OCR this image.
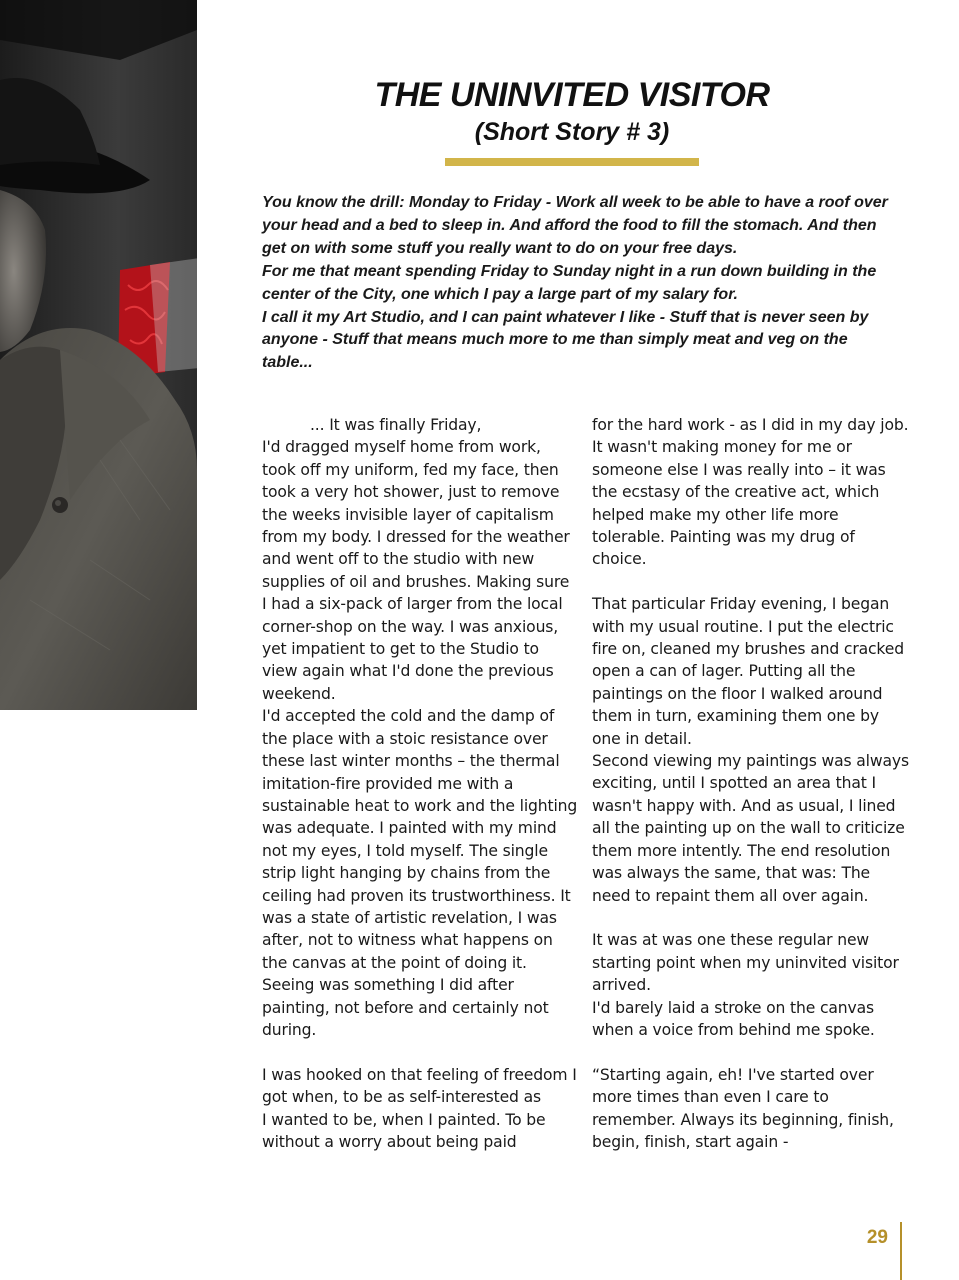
THE UNINVITED VISITOR
(Short Story # 3)

You know the drill: Monday to Friday - Work all week to be able to have a roof over your head and a bed to sleep in. And afford the food to fill the stomach. And then get on with some stuff you really want to do on your free days.

For me that meant spending Friday to Sunday night in a run down building in the center of the City, one which I pay a large part of my salary for.

I call it my Art Studio, and I can paint whatever I like - Stuff that is never seen by anyone - Stuff that means much more to me than simply meat and veg on the table...

... It was finally Friday,

I'd dragged myself home from work, took off my uniform, fed my face, then took a very hot shower, just to remove the weeks invisible layer of capitalism from my body. I dressed for the weather and went off to the studio with new supplies of oil and brushes. Making sure I had a six-pack of larger from the local corner-shop on the way. I was anxious, yet impatient to get to the Studio to view again what I'd done the previous weekend.

I'd accepted the cold and the damp of the place with a stoic resistance over these last winter months – the thermal imitation-fire provided me with a sustainable heat to work and the lighting was adequate. I painted with my mind not my eyes, I told myself. The single strip light hanging by chains from the ceiling had proven its trustworthiness. It was a state of artistic revelation, I was after, not to witness what happens on the canvas at the point of doing it. Seeing was something I did after painting, not before and certainly not during.

I was hooked on that feeling of freedom I got when, to be as self-interested as

I wanted to be, when I painted. To be without a worry about being paid

for the hard work - as I did in my day job. It wasn't making money for me or someone else I was really into – it was the ecstasy of the creative act, which helped make my other life more tolerable. Painting was my drug of choice.

That particular Friday evening, I began with my usual routine. I put the electric fire on, cleaned my brushes and cracked open a can of lager. Putting all the paintings on the floor I walked around them in turn, examining them one by one in detail.

Second viewing my paintings was always exciting, until I spotted an area that I wasn't happy with. And as usual, I lined all the painting up on the wall to criticize them more intently. The end resolution was always the same, that was: The need to repaint them all over again.

It was at was one these regular new starting point when my uninvited visitor arrived.

I'd barely laid a stroke on the canvas when a voice from behind me spoke.

“Starting again, eh! I've started over more times than even I care to remember. Always its beginning, finish, begin, finish, start again -

29
